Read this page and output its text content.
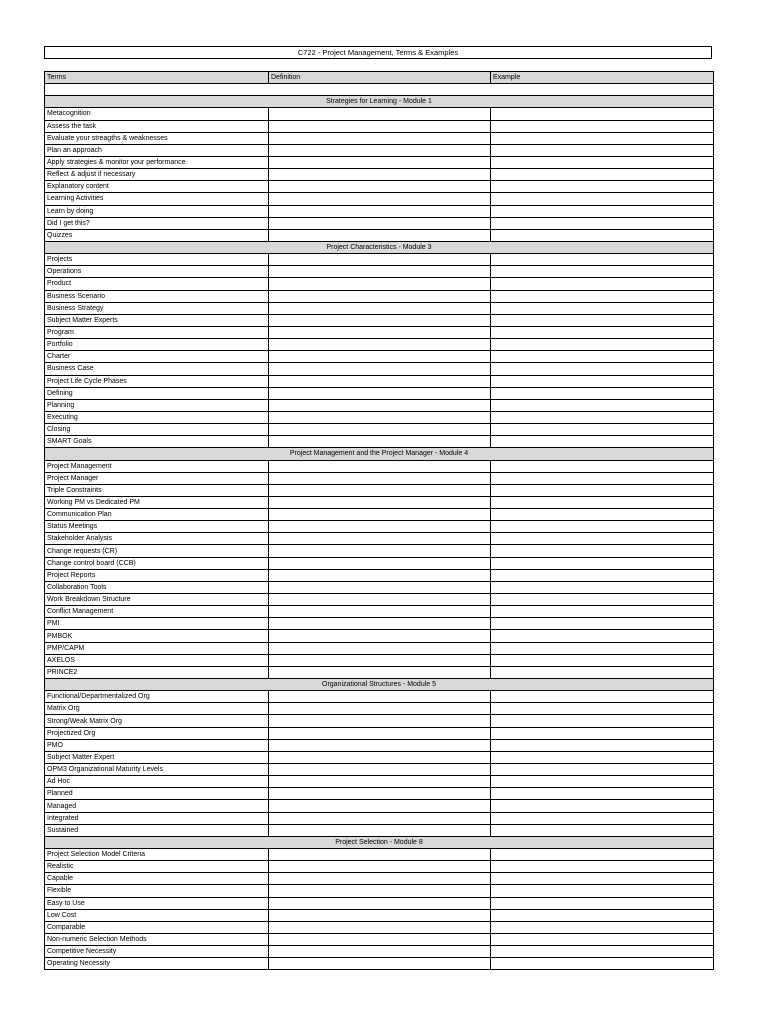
C722 - Project Management, Terms & Examples
Terms	Definition	Example

Strategies for Learning - Module 1		
Metacognition		
Assess the task		
Evaluate your streagths & weaknesses		
Plan an approach		
Apply strategies & monitor your performance		
Reflect & adjust if necessary		
Explanatory content		
Learning Activities		
Learn by doing		
Did I get this?		
Quizzes		
Project Characteristics - Module 3		
Projects		
Operations		
Product		
Business Scenario		
Business Strategy		
Subject Matter Experts		
Program		
Portfolio		
Charter		
Business Case		
Project Life Cycle Phases		
Defining		
Planning		
Executing		
Closing		
SMART Goals		
Project Management and the Project Manager - Module 4		
Project Management		
Project Manager		
Triple Constraints		
Working PM vs Dedicated PM		
Communication Plan		
Status Meetings		
Stakeholder Analysis		
Change requests (CR)		
Change control board (CCB)		
Project Reports		
Collaboration Tools		
Work Breakdown Structure		
Conflict Management		
PMI		
PMBOK		
PMP/CAPM		
AXELOS		
PRINCE2		
Organizational Structures - Module 5		
Functional/Departmentalized Org		
Matrix Org		
Strong/Weak Matrix Org		
Projectized Org		
PMO		
Subject Matter Expert		
OPM3 Organizational Maturity Levels		
Ad Hoc		
Planned		
Managed		
Integrated		
Sustained		
Project Selection - Module 8		
Project Selection Model Criteria		
Realistic		
Capable		
Flexible		
Easy to Use		
Low Cost		
Comparable		
Non-numeric Selection Methods		
Competitive Necessity		
Operating Necessity		
